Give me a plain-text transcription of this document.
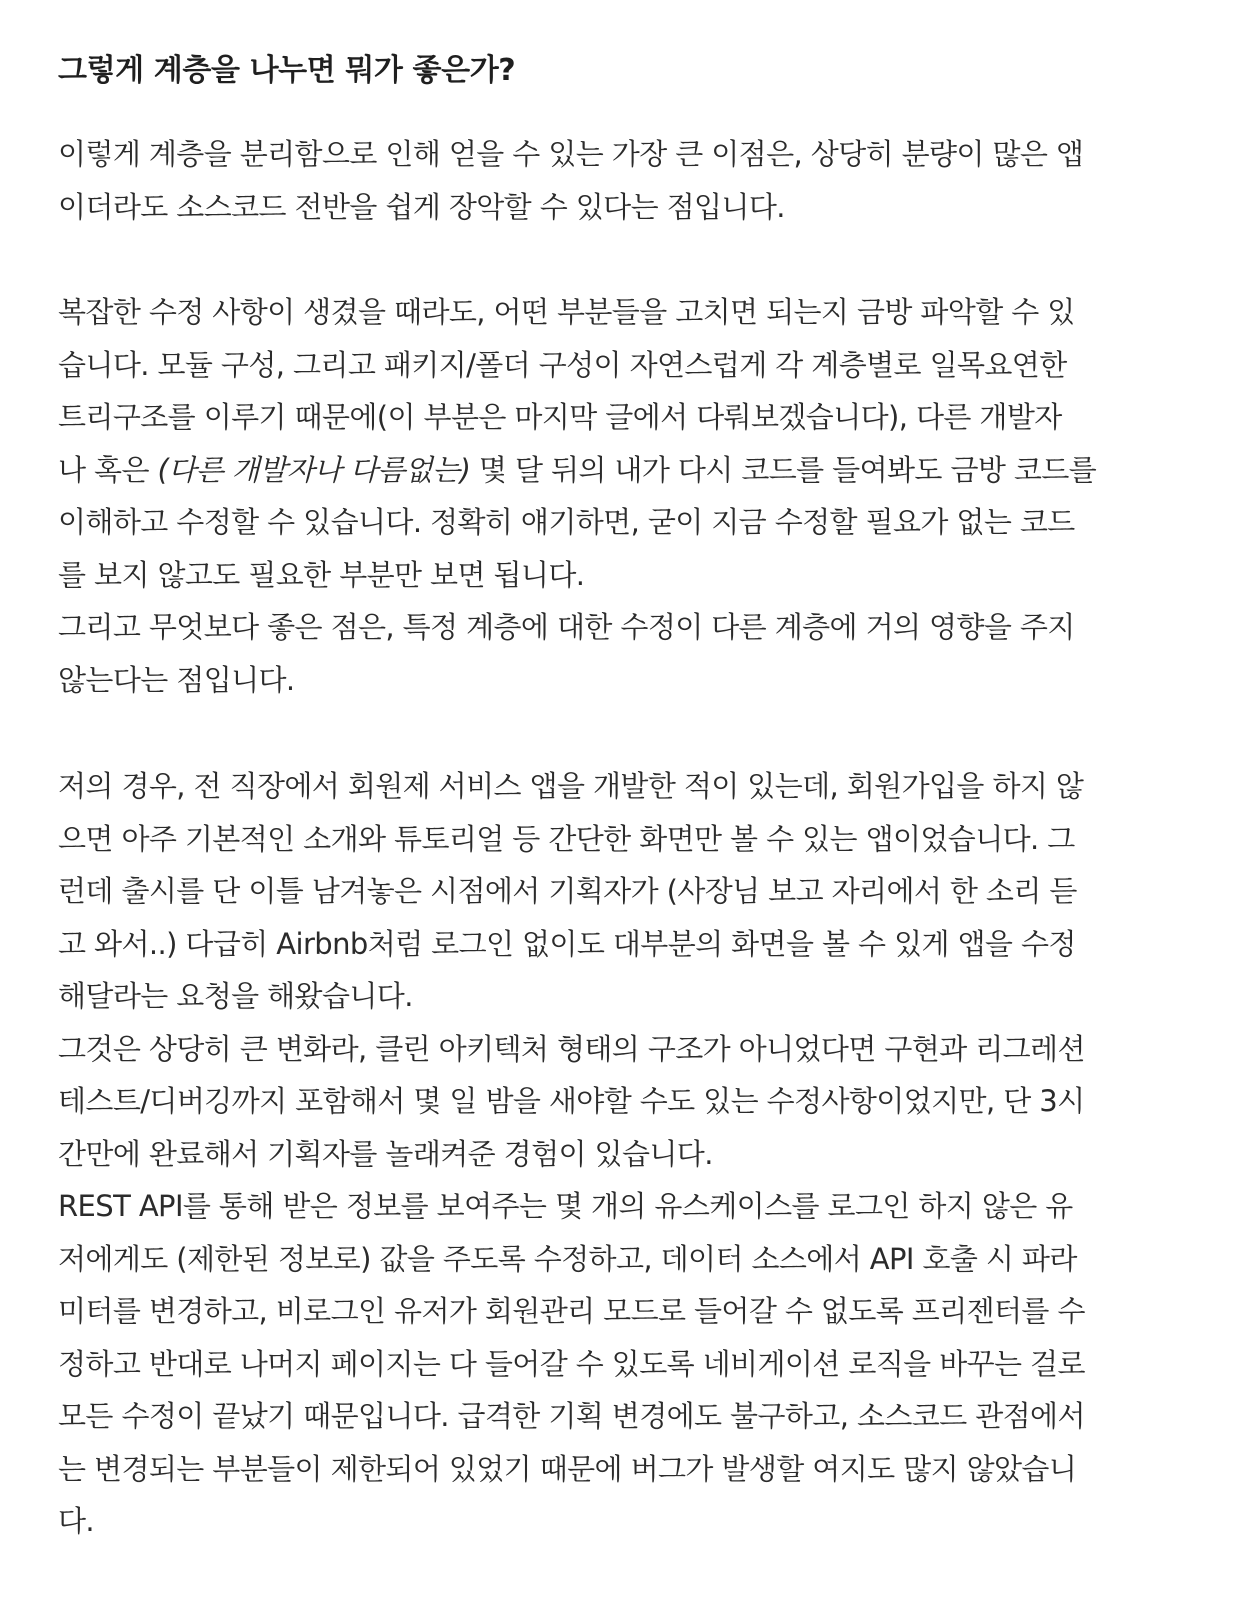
그렇게 계층을 나누면 뭐가 좋은가?
이렇게 계층을 분리함으로 인해 얻을 수 있는 가장 큰 이점은, 상당히 분량이 많은 앱
이더라도 소스코드 전반을 쉽게 장악할 수 있다는 점입니다.
복잡한 수정 사항이 생겼을 때라도, 어떤 부분들을 고치면 되는지 금방 파악할 수 있
습니다. 모듈 구성, 그리고 패키지/폴더 구성이 자연스럽게 각 계층별로 일목요연한
트리구조를 이루기 때문에(이 부분은 마지막 글에서 다뤄보겠습니다), 다른 개발자
나 혹은 (다른 개발자나 다름없는) 몇 달 뒤의 내가 다시 코드를 들여봐도 금방 코드를
이해하고 수정할 수 있습니다. 정확히 얘기하면, 굳이 지금 수정할 필요가 없는 코드
를 보지 않고도 필요한 부분만 보면 됩니다.
그리고 무엇보다 좋은 점은, 특정 계층에 대한 수정이 다른 계층에 거의 영향을 주지
않는다는 점입니다.
저의 경우, 전 직장에서 회원제 서비스 앱을 개발한 적이 있는데, 회원가입을 하지 않
으면 아주 기본적인 소개와 튜토리얼 등 간단한 화면만 볼 수 있는 앱이었습니다. 그
런데 출시를 단 이틀 남겨놓은 시점에서 기획자가 (사장님 보고 자리에서 한 소리 듣
고 와서..) 다급히 Airbnb처럼 로그인 없이도 대부분의 화면을 볼 수 있게 앱을 수정
해달라는 요청을 해왔습니다.
그것은 상당히 큰 변화라, 클린 아키텍처 형태의 구조가 아니었다면 구현과 리그레션
테스트/디버깅까지 포함해서 몇 일 밤을 새야할 수도 있는 수정사항이었지만, 단 3시
간만에 완료해서 기획자를 놀래켜준 경험이 있습니다.
REST API를 통해 받은 정보를 보여주는 몇 개의 유스케이스를 로그인 하지 않은 유
저에게도 (제한된 정보로) 값을 주도록 수정하고, 데이터 소스에서 API 호출 시 파라
미터를 변경하고, 비로그인 유저가 회원관리 모드로 들어갈 수 없도록 프리젠터를 수
정하고 반대로 나머지 페이지는 다 들어갈 수 있도록 네비게이션 로직을 바꾸는 걸로
모든 수정이 끝났기 때문입니다. 급격한 기획 변경에도 불구하고, 소스코드 관점에서
는 변경되는 부분들이 제한되어 있었기 때문에 버그가 발생할 여지도 많지 않았습니
다.
